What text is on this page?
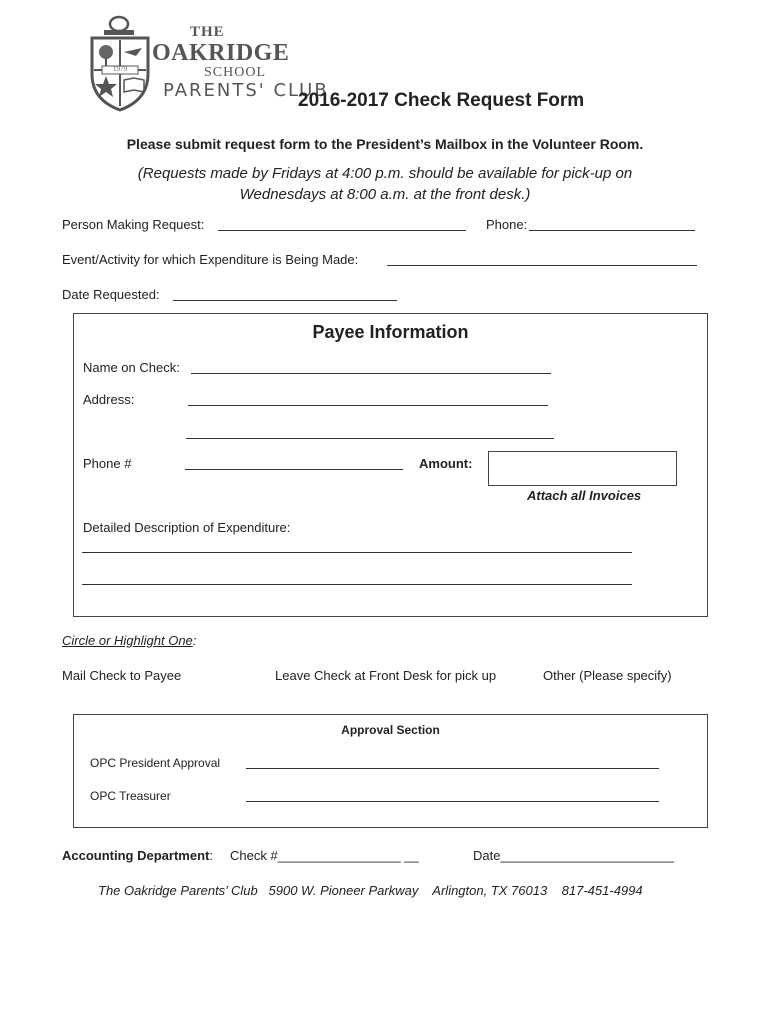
1979
THE
OAKRIDGE
SCHOOL
PARENTS' CLUB
2016-2017 Check Request Form
Please submit request form to the President’s Mailbox in the Volunteer Room.
(Requests made by Fridays at 4:00 p.m. should be available for pick-up on
Wednesdays at 8:00 a.m. at the front desk.)
Person Making Request:	Phone:
Event/Activity for which Expenditure is Being Made:
Date Requested:
Payee Information
Name on Check:
Address:
Phone #	Amount:
Attach all Invoices
Detailed Description of Expenditure:
Circle or Highlight One:
Mail Check to Payee	Leave Check at Front Desk for pick up	Other (Please specify)
Approval Section
OPC President Approval
OPC Treasurer
Accounting Department: Check #_________________ __	Date________________________
The Oakridge Parents’ Club   5900 W. Pioneer Parkway    Arlington, TX 76013    817-451-4994
